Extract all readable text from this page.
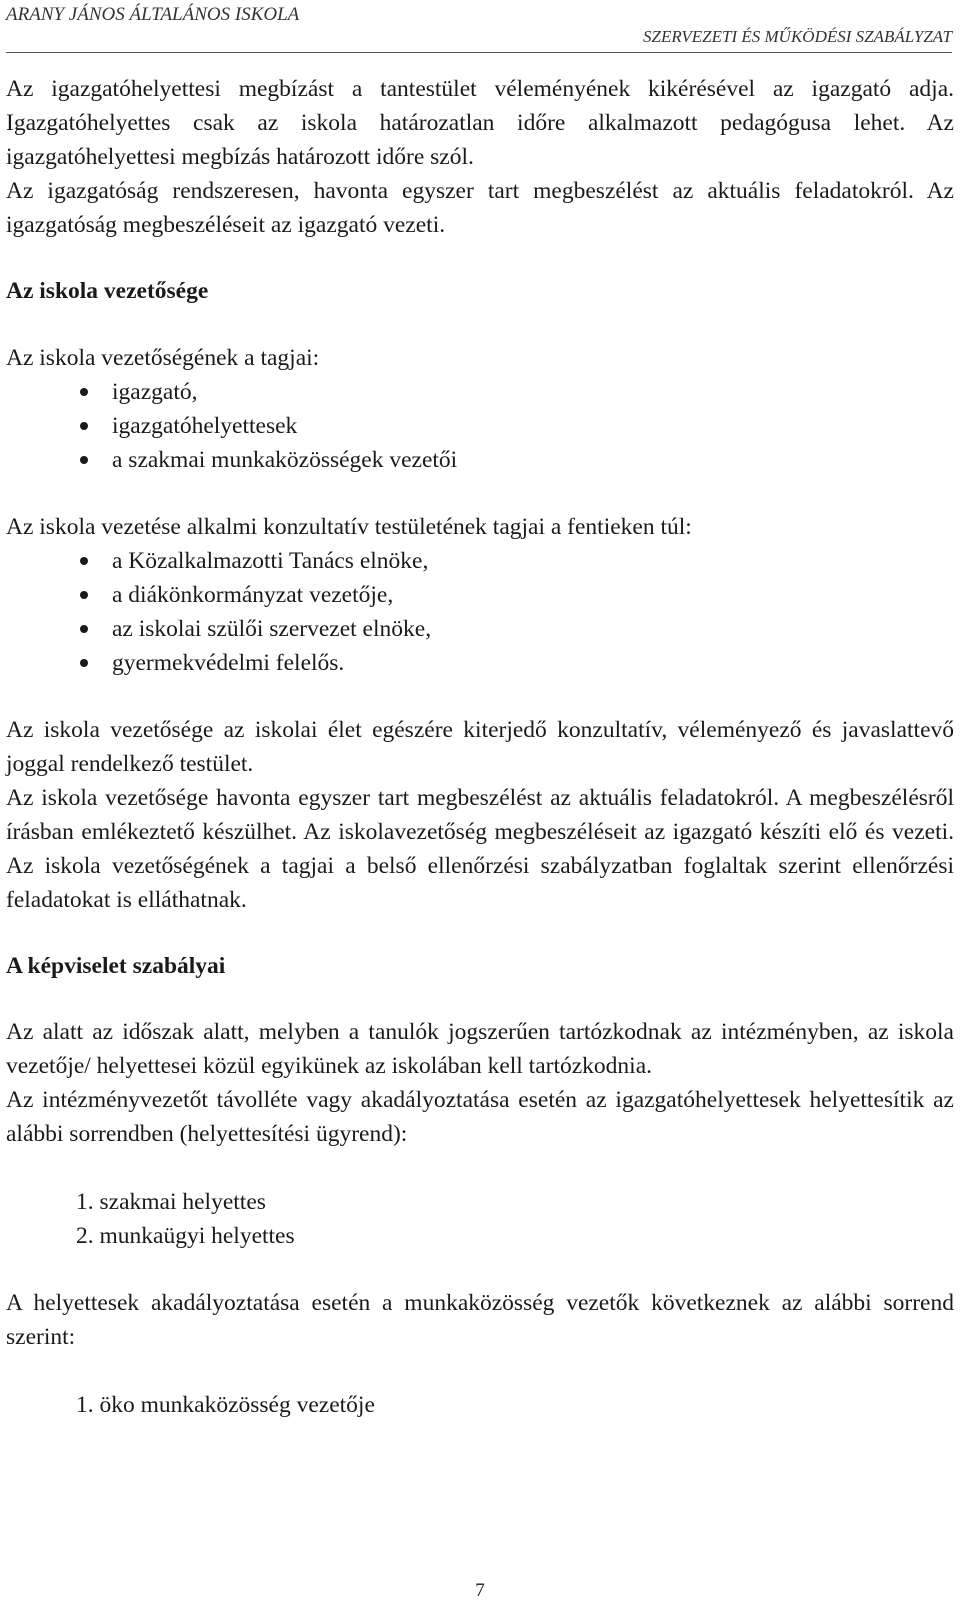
ARANY JÁNOS ÁLTALÁNOS ISKOLA
SZERVEZETI ÉS MŰKÖDÉSI SZABÁLYZAT

Az igazgatóhelyettesi megbízást a tantestület véleményének kikérésével az igazgató adja. Igazgatóhelyettes csak az iskola határozatlan időre alkalmazott pedagógusa lehet. Az igazgatóhelyettesi megbízás határozott időre szól.

Az igazgatóság rendszeresen, havonta egyszer tart megbeszélést az aktuális feladatokról. Az igazgatóság megbeszéléseit az igazgató vezeti.

Az iskola vezetősége

Az iskola vezetőségének a tagjai:

igazgató,
igazgatóhelyettesek
a szakmai munkaközösségek vezetői

Az iskola vezetése alkalmi konzultatív testületének tagjai a fentieken túl:

a Közalkalmazotti Tanács elnöke,
a diákönkormányzat vezetője,
az iskolai szülői szervezet elnöke,
gyermekvédelmi felelős.

Az iskola vezetősége az iskolai élet egészére kiterjedő konzultatív, véleményező és javaslattevő joggal rendelkező testület.

Az iskola vezetősége havonta egyszer tart megbeszélést az aktuális feladatokról. A megbeszélésről írásban emlékeztető készülhet. Az iskolavezetőség megbeszéléseit az igazgató készíti elő és vezeti. Az iskola vezetőségének a tagjai a belső ellenőrzési szabályzatban foglaltak szerint ellenőrzési feladatokat is elláthatnak.

A képviselet szabályai

Az alatt az időszak alatt, melyben a tanulók jogszerűen tartózkodnak az intézményben, az iskola vezetője/ helyettesei közül egyikünek az iskolában kell tartózkodnia.

Az intézményvezetőt távolléte vagy akadályoztatása esetén az igazgatóhelyettesek helyettesítik az alábbi sorrendben (helyettesítési ügyrend):

1. szakmai helyettes
2. munkaügyi helyettes

A helyettesek akadályoztatása esetén a munkaközösség vezetők következnek az alábbi sorrend szerint:

1. öko munkaközösség vezetője
7
